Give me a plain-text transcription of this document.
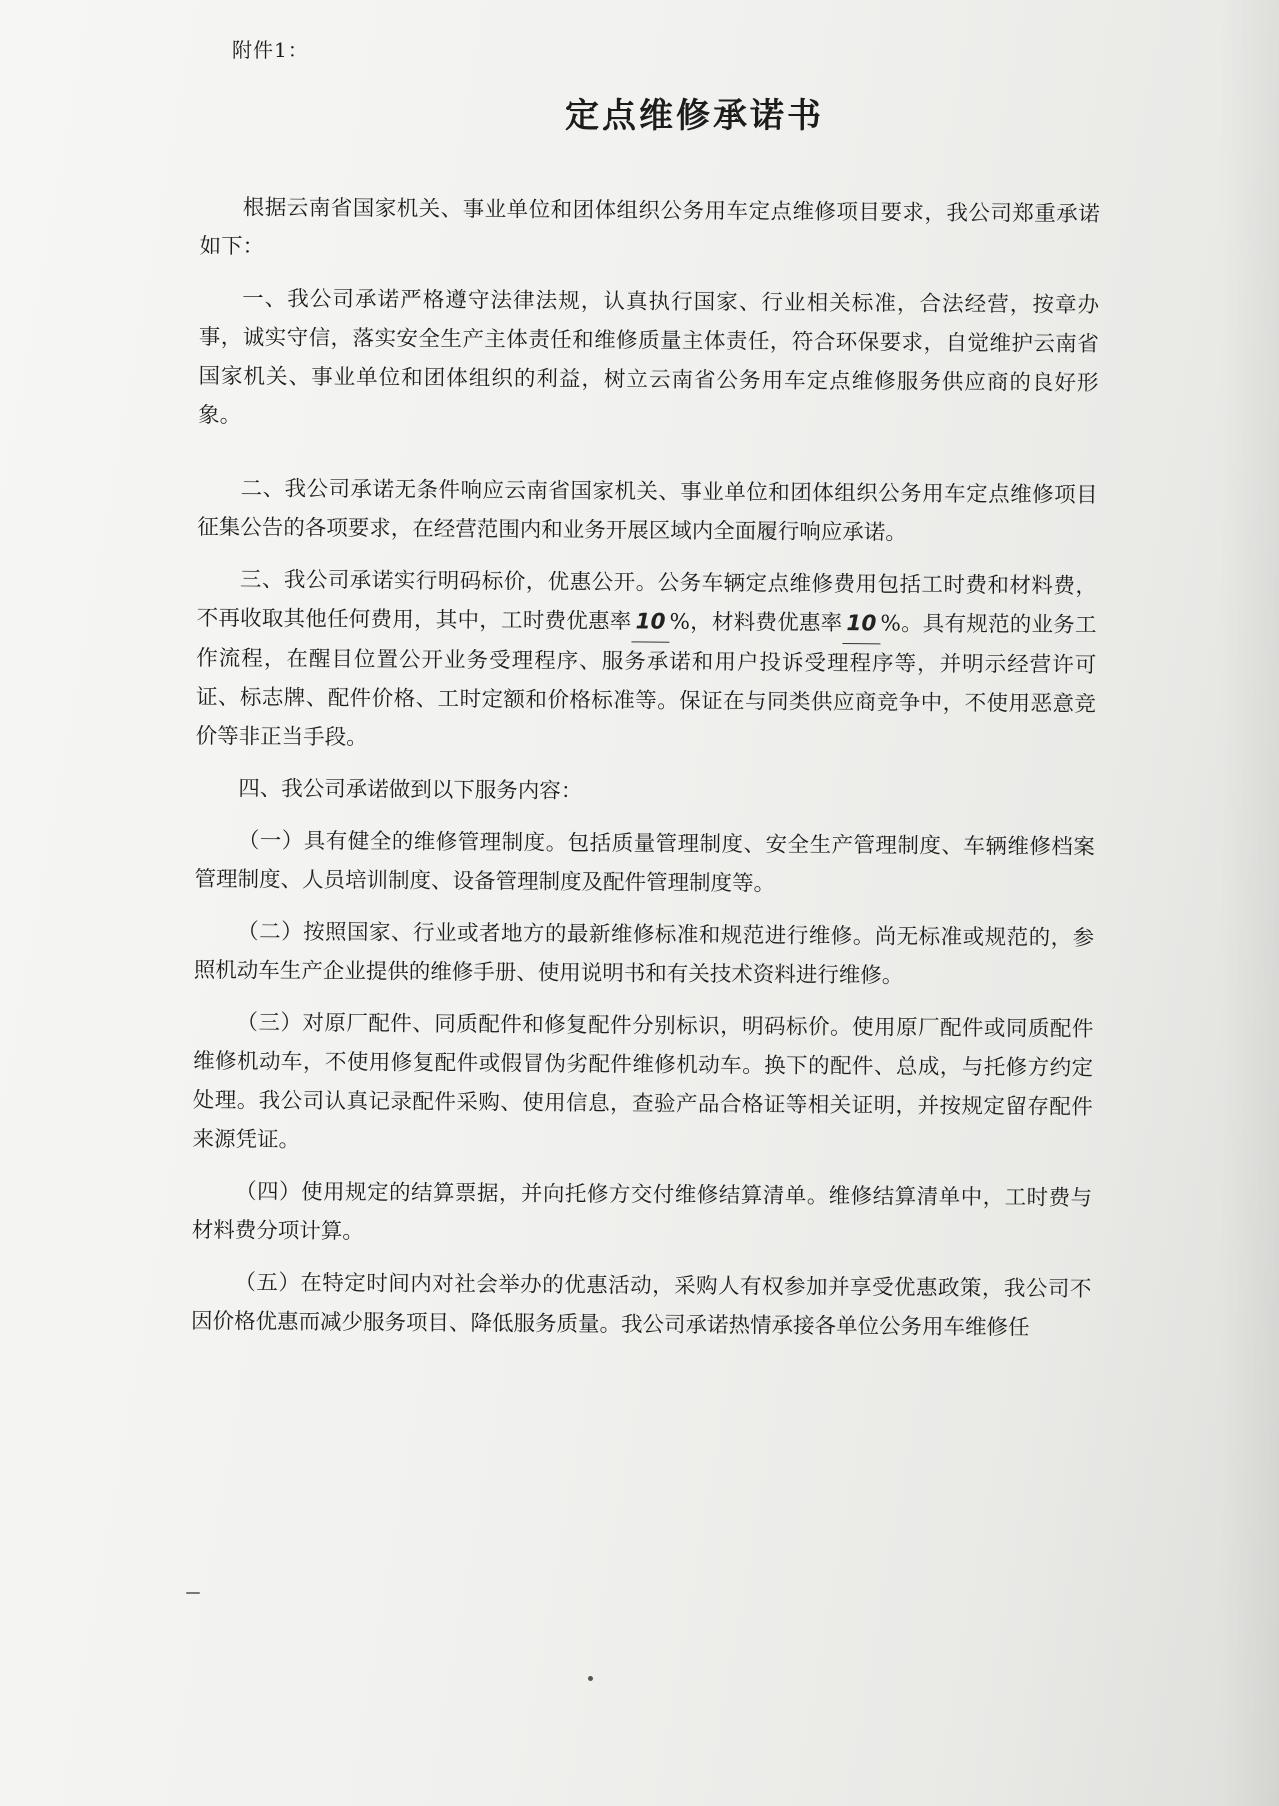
附件1：
定点维修承诺书

根据云南省国家机关、事业单位和团体组织公务用车定点维修项目要求，我公司郑重承诺如下：

一、我公司承诺严格遵守法律法规，认真执行国家、行业相关标准，合法经营，按章办事，诚实守信，落实安全生产主体责任和维修质量主体责任，符合环保要求，自觉维护云南省国家机关、事业单位和团体组织的利益，树立云南省公务用车定点维修服务供应商的良好形象。

二、我公司承诺无条件响应云南省国家机关、事业单位和团体组织公务用车定点维修项目征集公告的各项要求，在经营范围内和业务开展区域内全面履行响应承诺。

三、我公司承诺实行明码标价，优惠公开。公务车辆定点维修费用包括工时费和材料费，不再收取其他任何费用，其中，工时费优惠率 10 %，材料费优惠率 10 %。具有规范的业务工作流程，在醒目位置公开业务受理程序、服务承诺和用户投诉受理程序等，并明示经营许可证、标志牌、配件价格、工时定额和价格标准等。保证在与同类供应商竞争中，不使用恶意竞价等非正当手段。

四、我公司承诺做到以下服务内容：

（一）具有健全的维修管理制度。包括质量管理制度、安全生产管理制度、车辆维修档案管理制度、人员培训制度、设备管理制度及配件管理制度等。

（二）按照国家、行业或者地方的最新维修标准和规范进行维修。尚无标准或规范的，参照机动车生产企业提供的维修手册、使用说明书和有关技术资料进行维修。

（三）对原厂配件、同质配件和修复配件分别标识，明码标价。使用原厂配件或同质配件维修机动车，不使用修复配件或假冒伪劣配件维修机动车。换下的配件、总成，与托修方约定处理。我公司认真记录配件采购、使用信息，查验产品合格证等相关证明，并按规定留存配件来源凭证。

（四）使用规定的结算票据，并向托修方交付维修结算清单。维修结算清单中，工时费与材料费分项计算。

（五）在特定时间内对社会举办的优惠活动，采购人有权参加并享受优惠政策，我公司不因价格优惠而减少服务项目、降低服务质量。我公司承诺热情承接各单位公务用车维修任
